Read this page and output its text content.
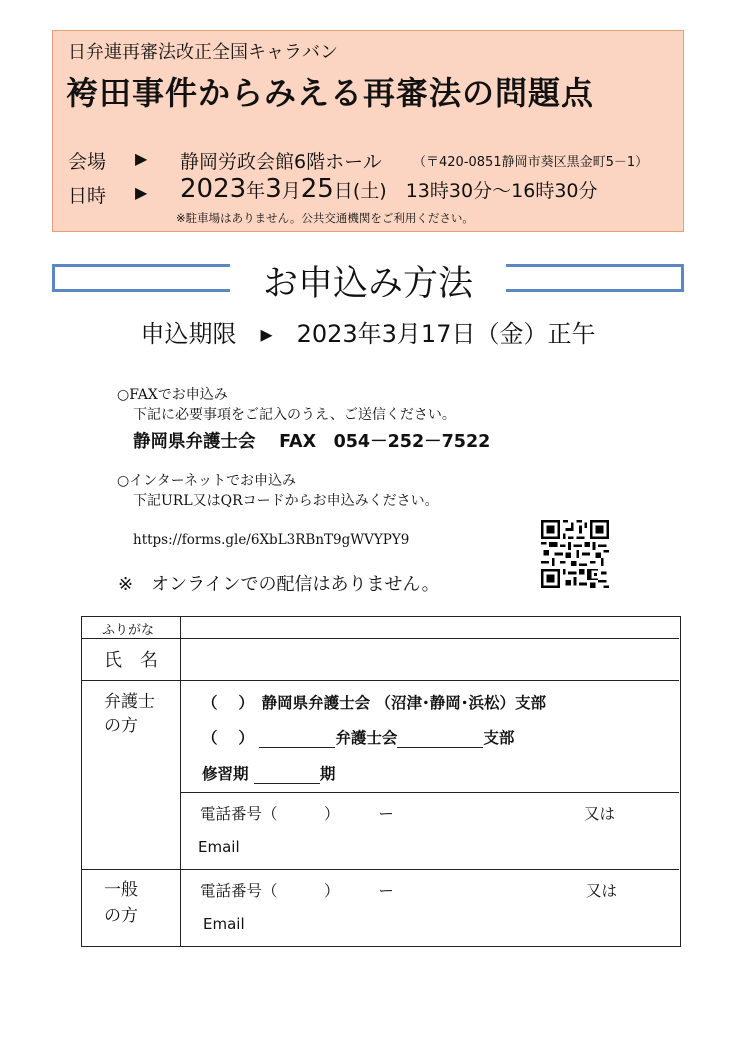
日弁連再審法改正全国キャラバン
袴田事件からみえる再審法の問題点
会場 ▶ 静岡労政会館6階ホール （〒420-0851静岡市葵区黒金町5－1）
日時 ▶ 2023年3月25日(土)　 13時30分～16時30分
※駐車場はありません。公共交通機関をご利用ください。
お申込み方法
申込期限　▸　2023年3月17日（金）正午
○FAXでお申込み
下記に必要事項をご記入のうえ、ご送信ください。
静岡県弁護士会　 FAX　054－252－7522
○インターネットでお申込み
下記URL又はQRコードからお申込みください。
https://forms.gle/6XbL3RBnT9gWVYPY9
※　オンラインでの配信はありません。
ふりがな
氏　名
弁護士
の方
（　 ）　静岡県弁護士会 （沼津･静岡･浜松）支部
（　 ）	弁護士会	支部
修習期	期
電話番号（　　　）　　　ー	又は
Email
一般
の方
電話番号（　　　）　　　ー	又は
Email
